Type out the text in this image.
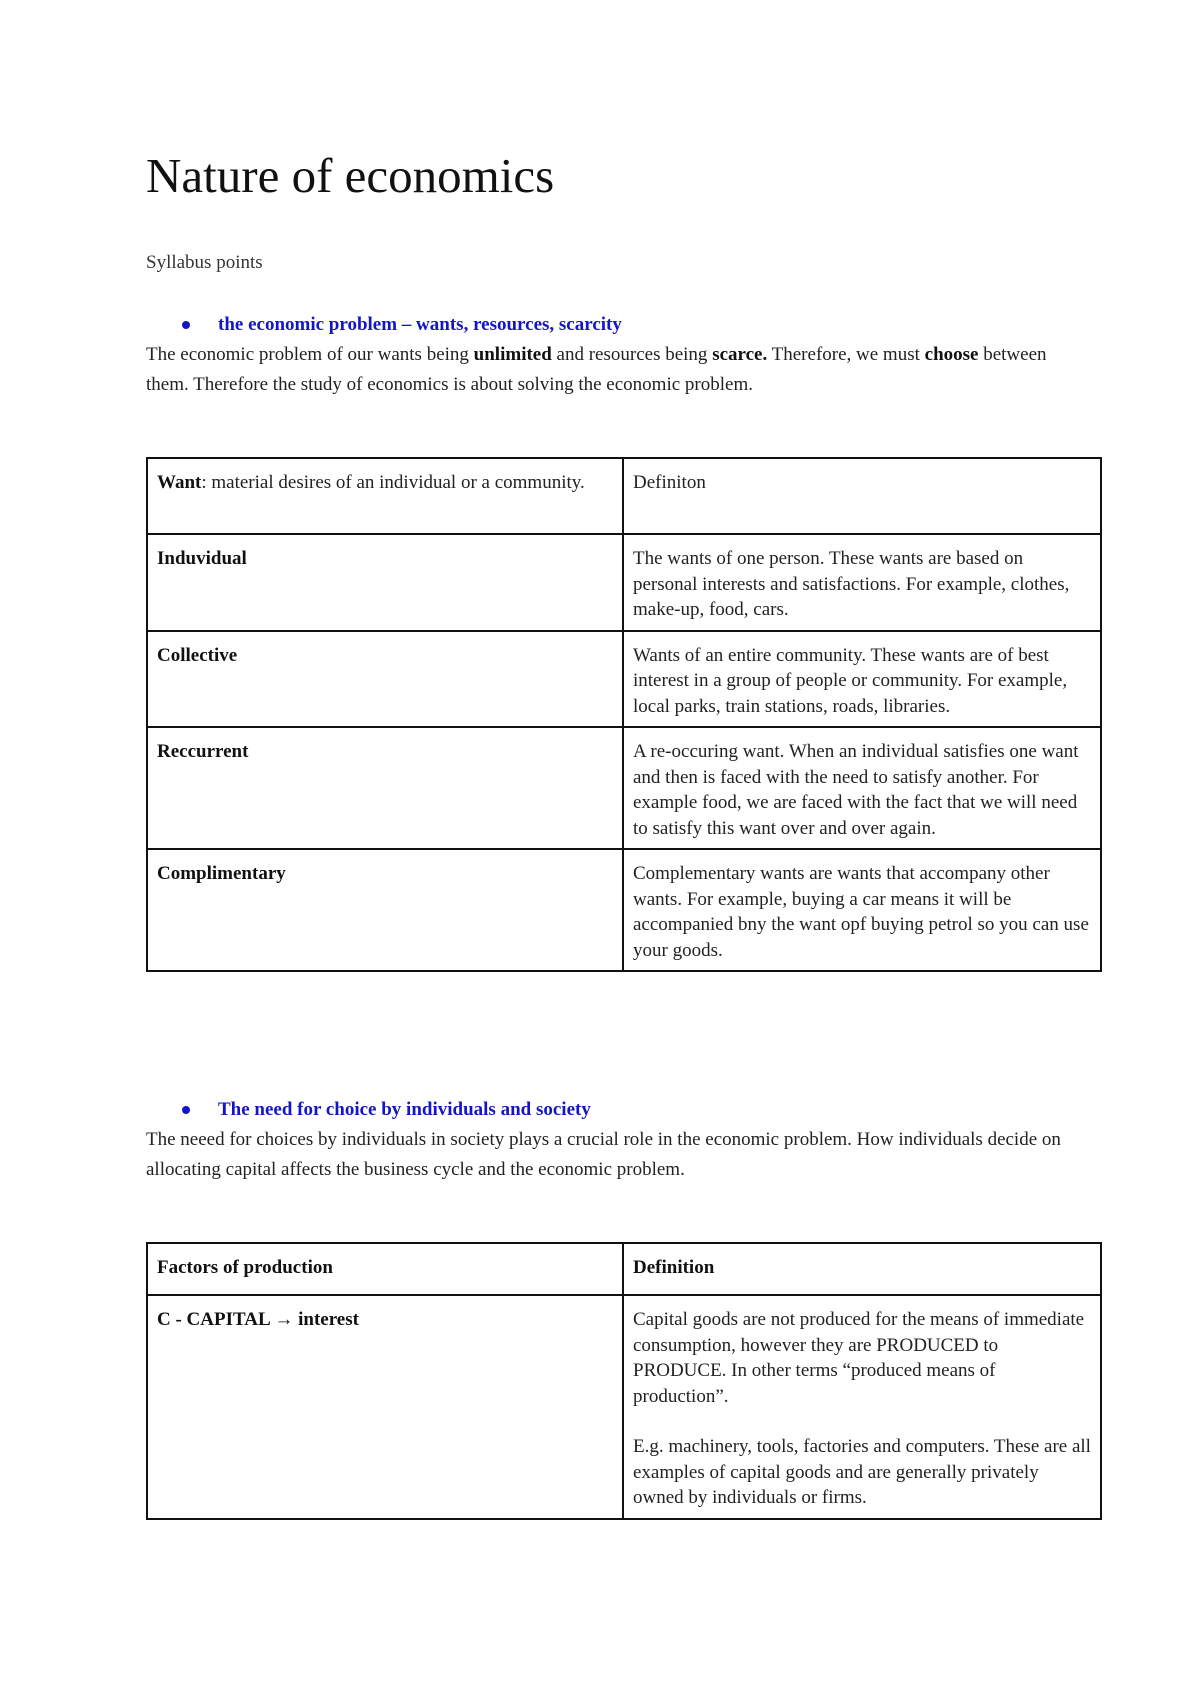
Nature of economics
Syllabus points
the economic problem – wants, resources, scarcity
The economic problem of our wants being unlimited and resources being scarce. Therefore, we must choose between them. Therefore the study of economics is about solving the economic problem.
Want: material desires of an individual or a community.	Definiton
Induvidual	The wants of one person. These wants are based on personal interests and satisfactions. For example, clothes, make-up, food, cars.
Collective	Wants of an entire community. These wants are of best interest in a group of people or community. For example, local parks, train stations, roads, libraries.
Reccurrent	A re-occuring want. When an individual satisfies one want and then is faced with the need to satisfy another. For example food, we are faced with the fact that we will need to satisfy this want over and over again.
Complimentary	Complementary wants are wants that accompany other wants. For example, buying a car means it will be accompanied bny the want opf buying petrol so you can use your goods.
The need for choice by individuals and society
The neeed for choices by individuals in society plays a crucial role in the economic problem. How individuals decide on allocating capital affects the business cycle and the economic problem.
Factors of production	Definition
C - CAPITAL → interest	Capital goods are not produced for the means of immediate consumption, however they are PRODUCED to PRODUCE. In other terms “produced means of production”.
E.g. machinery, tools, factories and computers. These are all examples of capital goods and are generally privately owned by individuals or firms.
